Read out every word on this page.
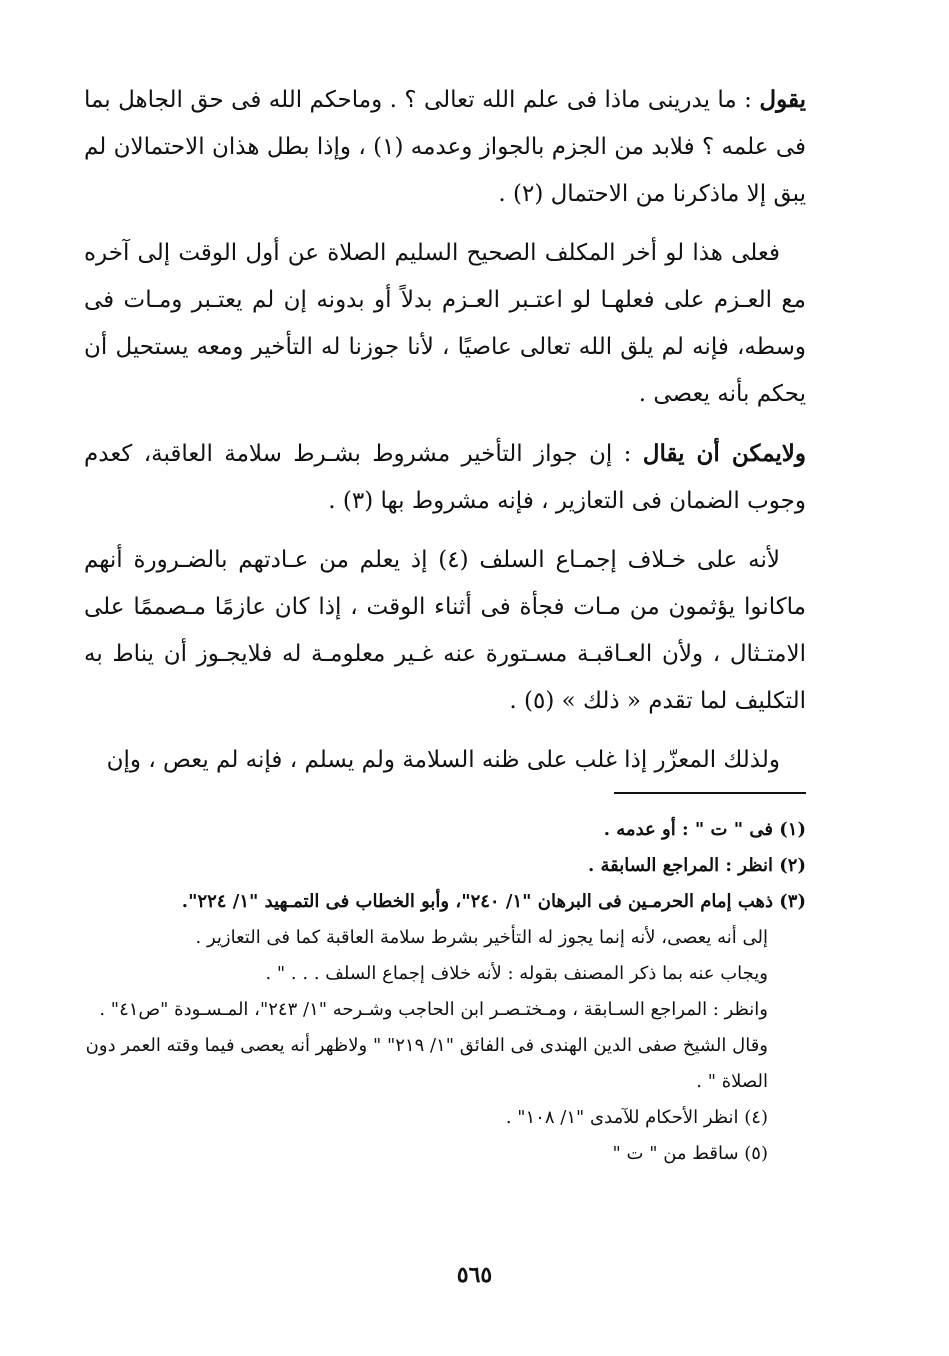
يقول : ما يدرينى ماذا فى علم الله تعالى ؟ . وماحكم الله فى حق الجاهل بما فى علمه ؟ فلابد من الجزم بالجواز وعدمه (١) ، وإذا بطل هذان الاحتمالان لم يبق إلا ماذكرنا من الاحتمال (٢) .

فعلى هذا لو أخر المكلف الصحيح السليم الصلاة عن أول الوقت إلى آخره مع العـزم على فعلهـا لو اعتـبر العـزم بدلاً أو بدونه إن لم يعتـبر ومـات فى وسطه، فإنه لم يلق الله تعالى عاصيًا ، لأنا جوزنا له التأخير ومعه يستحيل أن يحكم بأنه يعصى .

ولايمكن أن يقال : إن جواز التأخير مشروط بشـرط سلامة العاقبة، كعدم وجوب الضمان فى التعازير ، فإنه مشروط بها (٣) .

لأنه على خـلاف إجمـاع السلف (٤) إذ يعلم من عـادتهم بالضـرورة أنهم ماكانوا يؤثمون من مـات فجأة فى أثناء الوقت ، إذا كان عازمًا مـصممًا على الامتـثال ، ولأن العـاقبـة مسـتورة عنه غـير معلومـة له فلايجـوز أن يناط به التكليف لما تقدم « ذلك » (٥) .

ولذلك المعزّر إذا غلب على ظنه السلامة ولم يسلم ، فإنه لم يعص ، وإن

(١) فى " ت " : أو عدمه .

(٢) انظر : المراجع السابقة .

(٣) ذهب إمام الحرمـين فى البرهان "١/ ٢٤٠"، وأبو الخطاب فى التمـهيد "١/ ٢٢٤".

إلى أنه يعصى، لأنه إنما يجوز له التأخير بشرط سلامة العاقبة كما فى التعازير .

ويجاب عنه بما ذكر المصنف بقوله : لأنه خلاف إجماع السلف . . . " .

وانظر : المراجع السـابقة ، ومـختـصـر ابن الحاجب وشـرحه "١/ ٢٤٣"، المـسـودة "ص٤١" .

وقال الشيخ صفى الدين الهندى فى الفائق "١/ ٢١٩" " ولاظهر أنه يعصى فيما وقته العمر دون الصلاة " .

(٤) انظر الأحكام للآمدى "١/ ١٠٨" .

(٥) ساقط من " ت "

٥٦٥
